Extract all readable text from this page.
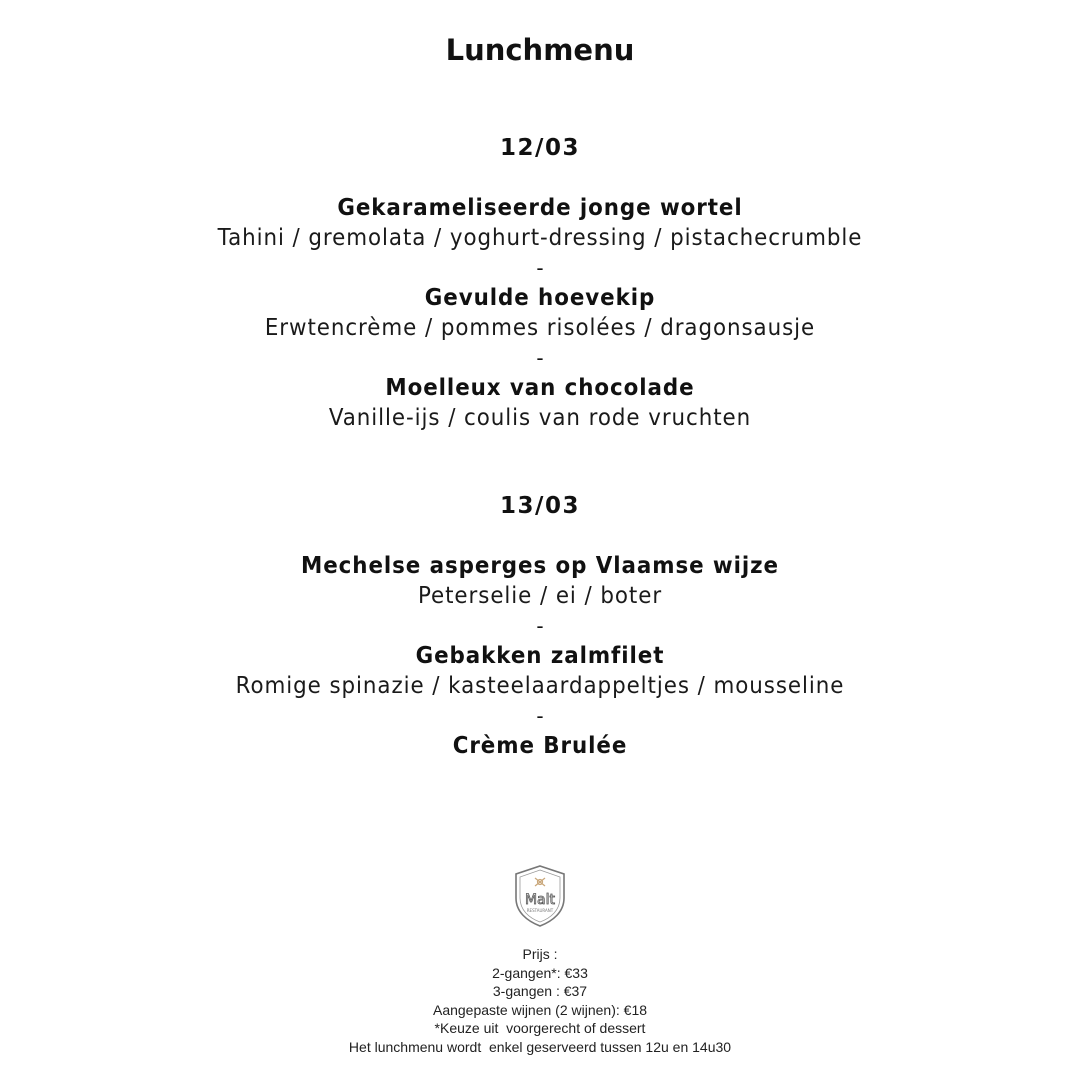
Lunchmenu
12/03
Gekarameliseerde jonge wortel
Tahini / gremolata / yoghurt-dressing / pistachecrumble
-
Gevulde hoevekip
Erwtencrème / pommes risolées / dragonsausje
-
Moelleux van chocolade
Vanille-ijs / coulis van rode vruchten
13/03
Mechelse asperges op Vlaamse wijze
Peterselie / ei / boter
-
Gebakken zalmfilet
Romige spinazie / kasteelaardappeltjes / mousseline
-
Crème Brulée
Malt
RESTAURANT
Prijs :
2-gangen*: €33
3-gangen : €37
Aangepaste wijnen (2 wijnen): €18
*Keuze uit  voorgerecht of dessert
Het lunchmenu wordt  enkel geserveerd tussen 12u en 14u30
